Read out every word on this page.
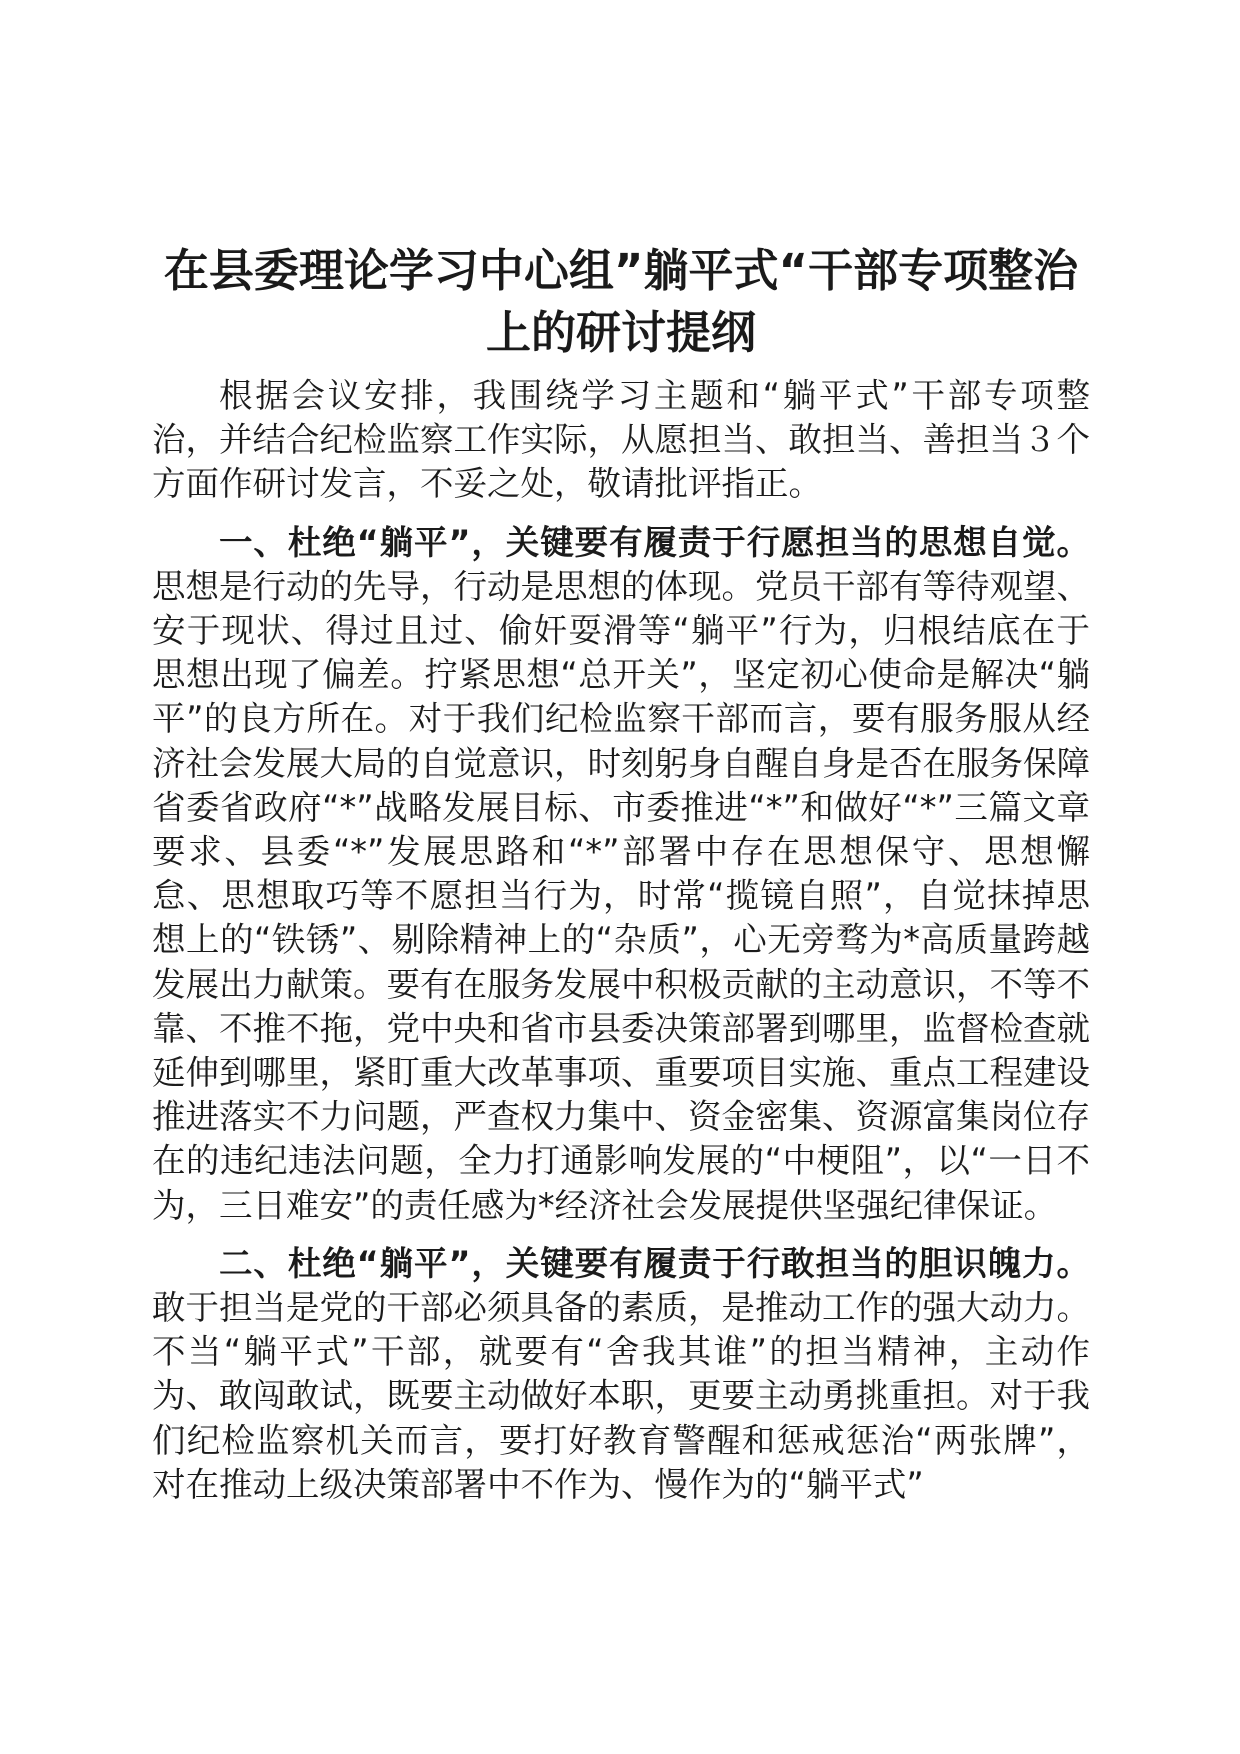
在县委理论学习中心组”躺平式“干部专项整治上的研讨提纲

根据会议安排，我围绕学习主题和“躺平式”干部专项整治，并结合纪检监察工作实际，从愿担当、敢担当、善担当３个方面作研讨发言，不妥之处，敬请批评指正。

一、杜绝“躺平”，关键要有履责于行愿担当的思想自觉。思想是行动的先导，行动是思想的体现。党员干部有等待观望、安于现状、得过且过、偷奸耍滑等“躺平”行为，归根结底在于思想出现了偏差。拧紧思想“总开关”，坚定初心使命是解决“躺平”的良方所在。对于我们纪检监察干部而言，要有服务服从经济社会发展大局的自觉意识，时刻躬身自醒自身是否在服务保障省委省政府“*”战略发展目标、市委推进“*”和做好“*”三篇文章要求、县委“*”发展思路和“*”部署中存在思想保守、思想懈怠、思想取巧等不愿担当行为，时常“揽镜自照”，自觉抹掉思想上的“铁锈”、剔除精神上的“杂质”，心无旁骛为*高质量跨越发展出力献策。要有在服务发展中积极贡献的主动意识，不等不靠、不推不拖，党中央和省市县委决策部署到哪里，监督检查就延伸到哪里，紧盯重大改革事项、重要项目实施、重点工程建设推进落实不力问题，严查权力集中、资金密集、资源富集岗位存在的违纪违法问题，全力打通影响发展的“中梗阻”，以“一日不为，三日难安”的责任感为*经济社会发展提供坚强纪律保证。

二、杜绝“躺平”，关键要有履责于行敢担当的胆识魄力。敢于担当是党的干部必须具备的素质，是推动工作的强大动力。不当“躺平式”干部，就要有“舍我其谁”的担当精神，主动作为、敢闯敢试，既要主动做好本职，更要主动勇挑重担。对于我们纪检监察机关而言，要打好教育警醒和惩戒惩治“两张牌”，对在推动上级决策部署中不作为、慢作为的“躺平式”
